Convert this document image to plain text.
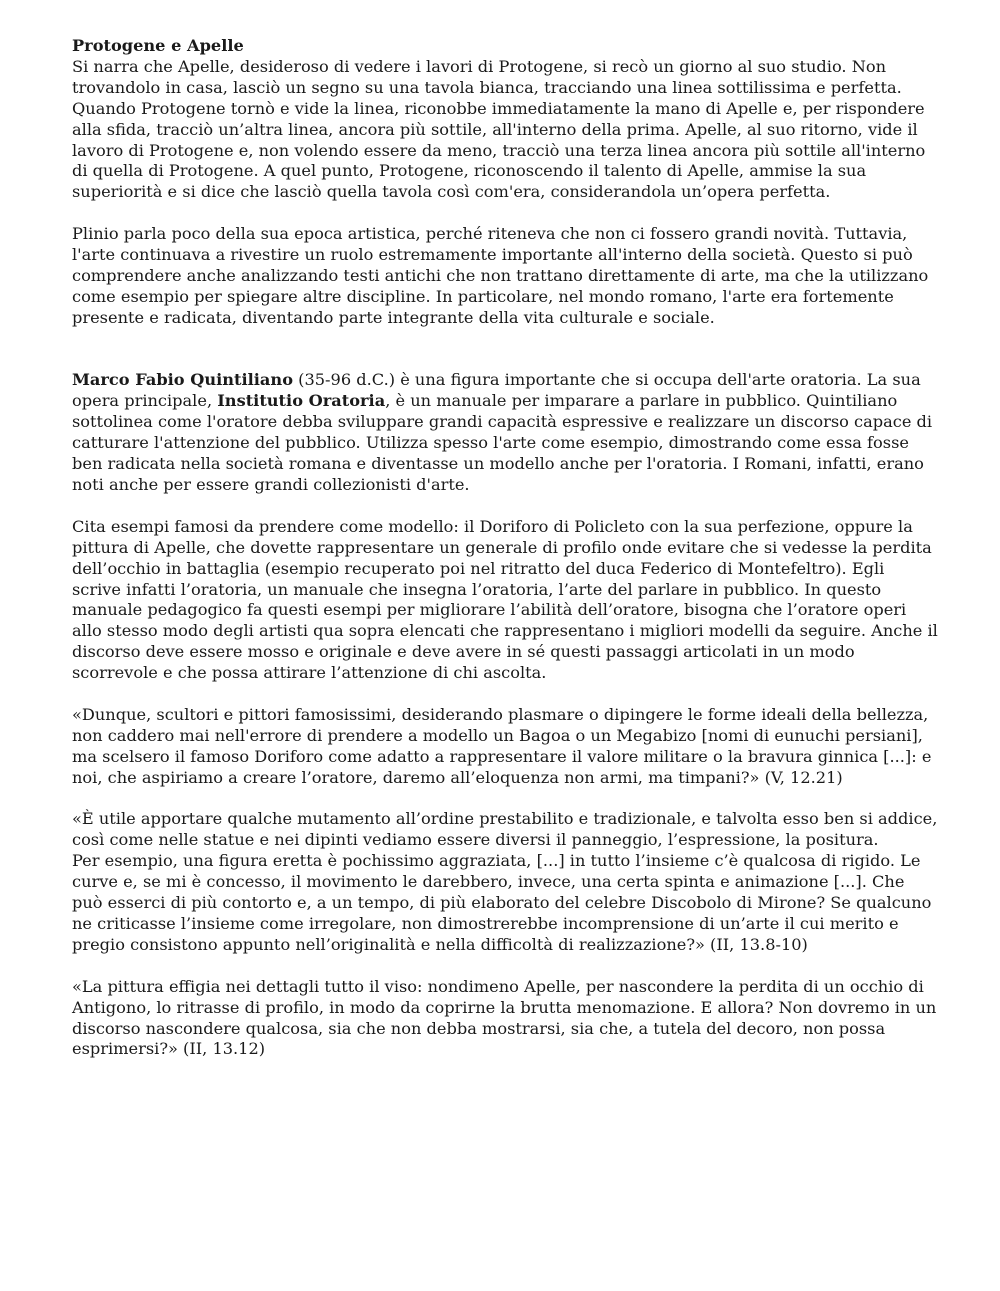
Protogene e Apelle
Si narra che Apelle, desideroso di vedere i lavori di Protogene, si recò un giorno al suo studio. Non trovandolo in casa, lasciò un segno su una tavola bianca, tracciando una linea sottilissima e perfetta. Quando Protogene tornò e vide la linea, riconobbe immediatamente la mano di Apelle e, per rispondere alla sfida, tracciò un’altra linea, ancora più sottile, all'interno della prima. Apelle, al suo ritorno, vide il lavoro di Protogene e, non volendo essere da meno, tracciò una terza linea ancora più sottile all'interno di quella di Protogene. A quel punto, Protogene, riconoscendo il talento di Apelle, ammise la sua superiorità e si dice che lasciò quella tavola così com'era, considerandola un’opera perfetta.

Plinio parla poco della sua epoca artistica, perché riteneva che non ci fossero grandi novità. Tuttavia, l'arte continuava a rivestire un ruolo estremamente importante all'interno della società. Questo si può comprendere anche analizzando testi antichi che non trattano direttamente di arte, ma che la utilizzano come esempio per spiegare altre discipline. In particolare, nel mondo romano, l'arte era fortemente presente e radicata, diventando parte integrante della vita culturale e sociale.

Marco Fabio Quintiliano (35-96 d.C.) è una figura importante che si occupa dell'arte oratoria. La sua opera principale, Institutio Oratoria, è un manuale per imparare a parlare in pubblico. Quintiliano sottolinea come l'oratore debba sviluppare grandi capacità espressive e realizzare un discorso capace di catturare l'attenzione del pubblico. Utilizza spesso l'arte come esempio, dimostrando come essa fosse ben radicata nella società romana e diventasse un modello anche per l'oratoria. I Romani, infatti, erano noti anche per essere grandi collezionisti d'arte.

Cita esempi famosi da prendere come modello: il Doriforo di Policleto con la sua perfezione, oppure la pittura di Apelle, che dovette rappresentare un generale di profilo onde evitare che si vedesse la perdita dell’occhio in battaglia (esempio recuperato poi nel ritratto del duca Federico di Montefeltro). Egli scrive infatti l’oratoria, un manuale che insegna l’oratoria, l’arte del parlare in pubblico. In questo manuale pedagogico fa questi esempi per migliorare l’abilità dell’oratore, bisogna che l’oratore operi allo stesso modo degli artisti qua sopra elencati che rappresentano i migliori modelli da seguire. Anche il discorso deve essere mosso e originale e deve avere in sé questi passaggi articolati in un modo scorrevole e che possa attirare l’attenzione di chi ascolta.

«Dunque, scultori e pittori famosissimi, desiderando plasmare o dipingere le forme ideali della bellezza, non caddero mai nell'errore di prendere a modello un Bagoa o un Megabizo [nomi di eunuchi persiani], ma scelsero il famoso Doriforo come adatto a rappresentare il valore militare o la bravura ginnica [...]: e noi, che aspiriamo a creare l’oratore, daremo all’eloquenza non armi, ma timpani?» (V, 12.21)

«È utile apportare qualche mutamento all’ordine prestabilito e tradizionale, e talvolta esso ben si addice, così come nelle statue e nei dipinti vediamo essere diversi il panneggio, l’espressione, la positura.
Per esempio, una figura eretta è pochissimo aggraziata, [...] in tutto l’insieme c’è qualcosa di rigido. Le curve e, se mi è concesso, il movimento le darebbero, invece, una certa spinta e animazione [...]. Che può esserci di più contorto e, a un tempo, di più elaborato del celebre Discobolo di Mirone? Se qualcuno ne criticasse l’insieme come irregolare, non dimostrerebbe incomprensione di un’arte il cui merito e pregio consistono appunto nell’originalità e nella difficoltà di realizzazione?» (II, 13.8-10)

«La pittura effigia nei dettagli tutto il viso: nondimeno Apelle, per nascondere la perdita di un occhio di Antigono, lo ritrasse di profilo, in modo da coprirne la brutta menomazione. E allora? Non dovremo in un discorso nascondere qualcosa, sia che non debba mostrarsi, sia che, a tutela del decoro, non possa esprimersi?» (II, 13.12)
